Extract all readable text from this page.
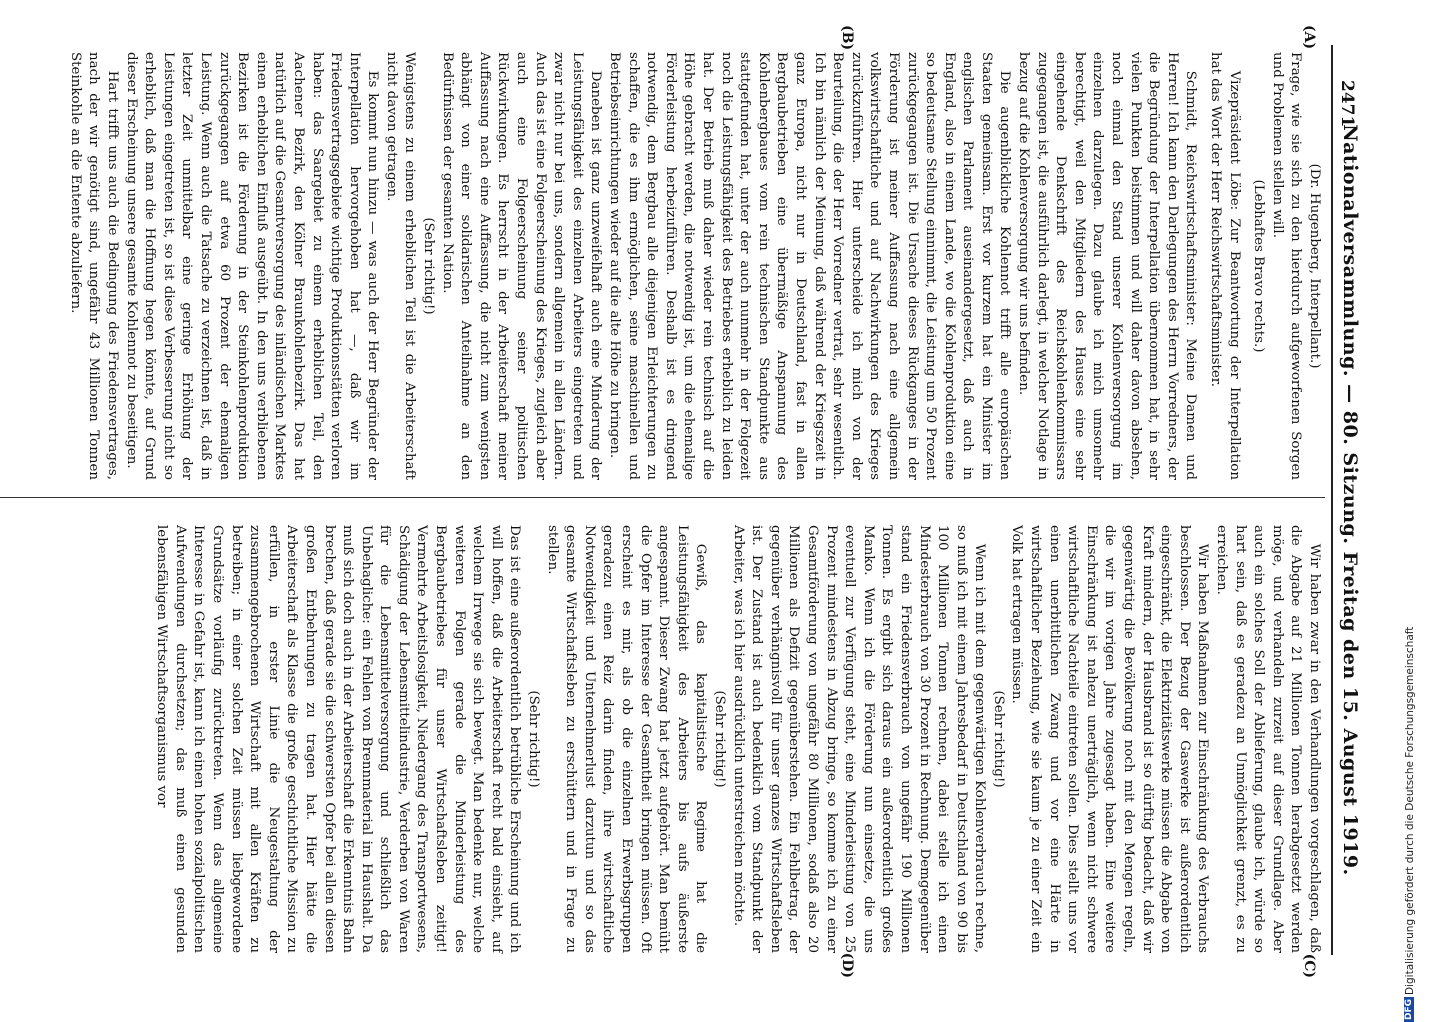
2471
Nationalversammlung. — 80. Sitzung. Freitag den 15. August 1919.
(A)
(B)
(C)
(D)

(Dr. Hugenberg, Interpellant.)

Frage, wie sie sich zu den hierdurch aufgeworfenen Sorgen und Problemen stellen will.

(Lebhaftes Bravo rechts.)

Vizepräsident Löbe: Zur Beantwortung der Interpellation hat das Wort der Herr Reichswirtschaftsminister.

Schmidt, Reichswirtschaftsminister: Meine Damen und Herren! Ich kann den Darlegungen des Herrn Vorredners, der die Begründung der Interpellation übernommen hat, in sehr vielen Punkten beistimmen und will daher davon absehen, noch einmal den Stand unserer Kohlenversorgung im einzelnen darzulegen. Dazu glaube ich mich umsomehr berechtigt, weil den Mitgliedern des Hauses eine sehr eingehende Denkschrift des Reichskohlenkommissars zugegangen ist, die ausführlich darlegt, in welcher Notlage in bezug auf die Kohlenversorgung wir uns befinden.

Die augenblickliche Kohlennot trifft alle europäischen Staaten gemeinsam. Erst vor kurzem hat ein Minister im englischen Parlament auseinandergesetzt, daß auch in England, also in einem Lande, wo die Kohlenproduktion eine so bedeutsame Stellung einnimmt, die Leistung um 50 Prozent zurückgegangen ist. Die Ursache dieses Rückganges in der Förderung ist meiner Auffassung nach eine allgemein volkswirtschaftliche und auf Nachwirkungen des Krieges zurückzuführen. Hier unterscheide ich mich von der Beurteilung, die der Herr Vorredner vertrat, sehr wesentlich. Ich bin nämlich der Meinung, daß während der Kriegszeit in ganz Europa, nicht nur in Deutschland, fast in allen Bergbaubetrieben eine übermäßige Anspannung des Kohlenbergbaues vom rein technischen Standpunkte aus stattgefunden hat, unter der auch nunmehr in der Folgezeit noch die Leistungsfähigkeit des Betriebes erheblich zu leiden hat. Der Betrieb muß daher wieder rein technisch auf die Höhe gebracht werden, die notwendig ist, um die ehemalige Förderleistung herbeizuführen. Deshalb ist es dringend notwendig, dem Bergbau alle diejenigen Erleichterungen zu schaffen, die es ihm ermöglichen, seine maschinellen und Betriebseinrichtungen wieder auf die alte Höhe zu bringen.

Daneben ist ganz unzweifelhaft auch eine Minderung der Leistungsfähigkeit des einzelnen Arbeiters eingetreten und zwar nicht nur bei uns, sondern allgemein in allen Ländern. Auch das ist eine Folgeerscheinung des Krieges, zugleich aber auch eine Folgeerscheinung seiner politischen Rückwirkungen. Es herrscht in der Arbeiterschaft meiner Auffassung nach eine Auffassung, die nicht zum wenigsten abhängt von einer solidarischen Anteilnahme an den Bedürfnissen der gesamten Nation.

(Sehr richtig!)

Wenigstens zu einem erheblichen Teil ist die Arbeiterschaft nicht davon getragen.

Es kommt nun hinzu — was auch der Herr Begründer der Interpellation hervorgehoben hat —, daß wir im Friedensvertragsgebiete wichtige Produktionsstätten verloren haben: das Saargebiet zu einem erheblichen Teil, den Aachener Bezirk, den Kölner Braunkohlenbezirk. Das hat natürlich auf die Gesamtversorgung des inländischen Marktes einen erheblichen Einfluß ausgeübt. In den uns verbliebenen Bezirken ist die Förderung in der Steinkohlenproduktion zurückgegangen auf etwa 60 Prozent der ehemaligen Leistung. Wenn auch die Tatsache zu verzeichnen ist, daß in letzter Zeit unmittelbar eine geringe Erhöhung der Leistungen eingetreten ist, so ist diese Verbesserung nicht so erheblich, daß man die Hoffnung hegen könnte, auf Grund dieser Erscheinung unsere gesamte Kohlennot zu beseitigen.

Hart trifft uns auch die Bedingung des Friedensvertrages, nach der wir genötigt sind, ungefähr 43 Millionen Tonnen Steinkohle an die Entente abzuliefern.

Wir haben zwar in den Verhandlungen vorgeschlagen, daß die Abgabe auf 21 Millionen Tonnen herabgesetzt werden möge, und verhandeln zurzeit auf dieser Grundlage. Aber auch ein solches Soll der Ablieferung, glaube ich, würde so hart sein, daß es geradezu an Unmöglichkeit grenzt, es zu erreichen.

Wir haben Maßnahmen zur Einschränkung des Verbrauchs beschlossen. Der Bezug der Gaswerke ist außerordentlich eingeschränkt, die Elektrizitätswerke müssen die Abgabe von Kraft mindern, der Hausbrand ist so dürftig bedacht, daß wir gegenwärtig die Bevölkerung noch mit den Mengen regeln, die wir im vorigen Jahre zugesagt haben. Eine weitere Einschränkung ist nahezu unerträglich, wenn nicht schwere wirtschaftliche Nachteile eintreten sollen. Dies stellt uns vor einen unerbittlichen Zwang und vor eine Härte in wirtschaftlicher Beziehung, wie sie kaum je zu einer Zeit ein Volk hat ertragen müssen.

(Sehr richtig!)

Wenn ich mit dem gegenwärtigen Kohlenverbrauch rechne, so muß ich mit einem Jahresbedarf in Deutschland von 90 bis 100 Millionen Tonnen rechnen, dabei stelle ich einen Mindesterbrauch von 30 Prozent in Rechnung. Demgegenüber stand ein Friedensverbrauch von ungefähr 190 Millionen Tonnen. Es ergibt sich daraus ein außerordentlich großes Manko. Wenn ich die Förderung nun einsetze, die uns eventuell zur Verfügung steht, eine Minderleistung von 25 Prozent mindestens in Abzug bringe, so komme ich zu einer Gesamtförderung von ungefähr 80 Millionen, sodaß also 20 Millionen als Defizit gegenüberstehen. Ein Fehlbetrag, der gegenüber verhängnisvoll für unser ganzes Wirtschaftsleben ist. Der Zustand ist auch bedenklich vom Standpunkt der Arbeiter, was ich hier ausdrücklich unterstreichen möchte.

(Sehr richtig!)

Gewiß, das kapitalistische Regime hat die Leistungsfähigkeit des Arbeiters bis aufs äußerste angespannt. Dieser Zwang hat jetzt aufgehört. Man bemüht die Opfer im Interesse der Gesamtheit bringen müssen. Oft erscheint es mir, als ob die einzelnen Erwerbsgruppen geradezu einen Reiz darin finden, ihre wirtschaftliche Notwendigkeit und Unternehmerlust darzutun und so das gesamte Wirtschaftsleben zu erschüttern und in Frage zu stellen.

(Sehr richtig!)

Das ist eine außerordentlich betrübliche Erscheinung und ich will hoffen, daß die Arbeiterschaft recht bald einsieht, auf welchem Irrwege sie sich bewegt. Man bedenke nur, welche weiteren Folgen gerade die Minderleistung des Bergbaubetriebes für unser Wirtschaftsleben zeitigt! Vermehrte Arbeitslosigkeit, Niedergang des Transportwesens, Schädigung der Lebensmittelindustrie, Verderben von Waren für die Lebensmittelversorgung und schließlich das Unbehagliche: ein Fehlen von Brennmaterial im Haushalt. Da muß sich doch auch in der Arbeiterschaft die Erkenntnis Bahn brechen, daß gerade sie die schwersten Opfer bei allen diesen großen Entbehrungen zu tragen hat. Hier hätte die Arbeiterschaft als Klasse die große geschichtliche Mission zu erfüllen, in erster Linie die Neugestaltung der zusammengebrochenen Wirtschaft mit allen Kräften zu betreiben; in einer solchen Zeit müssen liebgewordene Grundsätze vorläufig zurücktreten. Wenn das allgemeine Interesse in Gefahr ist, kann ich einen hohen sozialpolitischen Aufwendungen durchsetzen; das muß einen gesunden lebensfähigen Wirtschaftsorganismus vor	Digitalisierung gefördert durch die Deutsche Forschungsgemeinschaft
DFG
